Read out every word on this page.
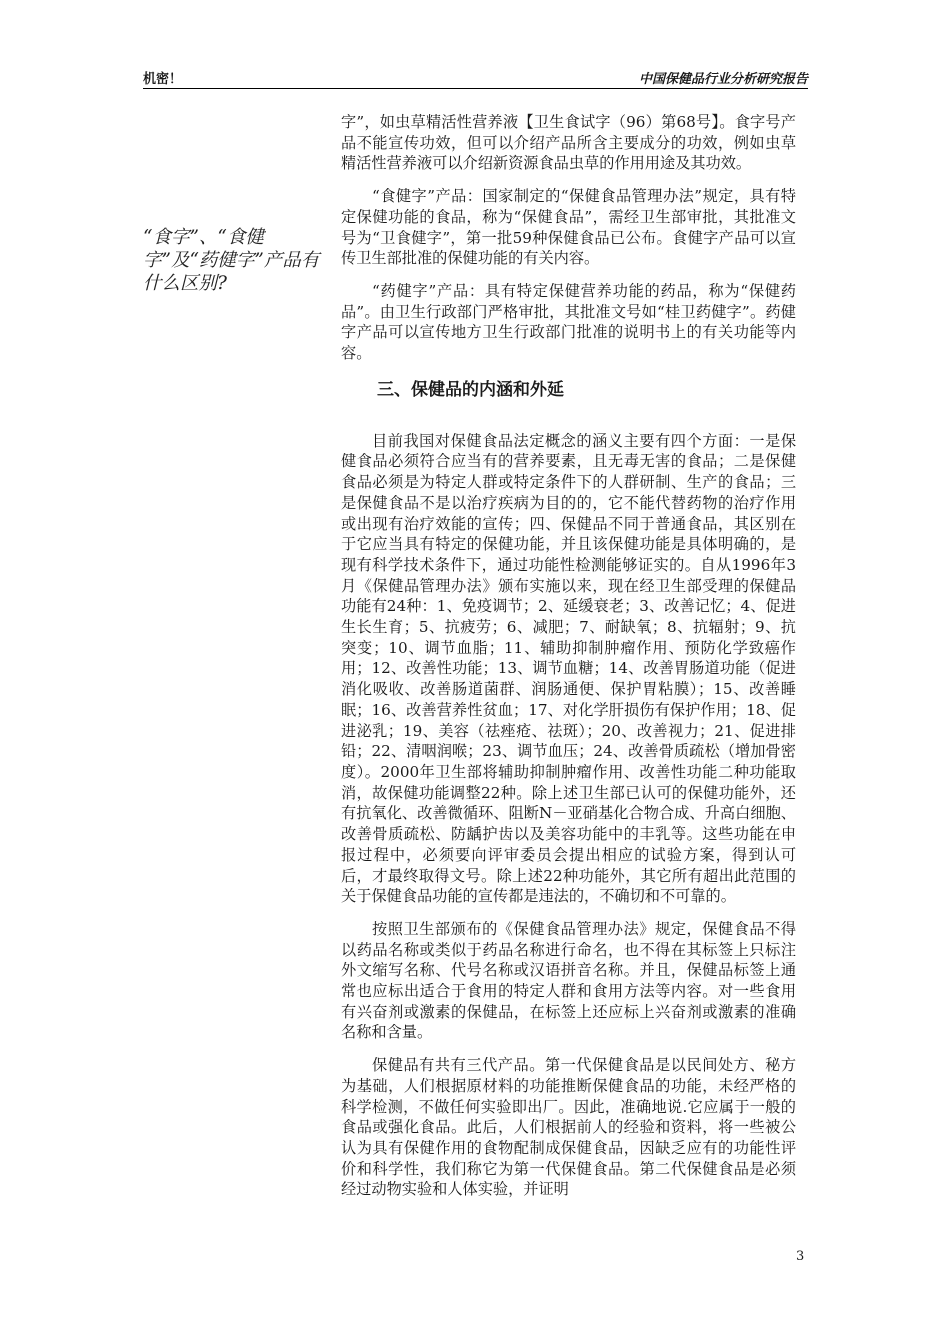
机密！	中国保健品行业分析研究报告
“食字”、“食健字”及“药健字”产品有什么区别?

字”，如虫草精活性营养液【卫生食试字（96）第68号】。食字号产品不能宣传功效，但可以介绍产品所含主要成分的功效，例如虫草精活性营养液可以介绍新资源食品虫草的作用用途及其功效。

“食健字”产品：国家制定的“保健食品管理办法”规定，具有特定保健功能的食品，称为“保健食品”，需经卫生部审批，其批准文号为“卫食健字”，第一批59种保健食品已公布。食健字产品可以宣传卫生部批准的保健功能的有关内容。

“药健字”产品：具有特定保健营养功能的药品，称为“保健药品”。由卫生行政部门严格审批，其批准文号如“桂卫药健字”。药健字产品可以宣传地方卫生行政部门批准的说明书上的有关功能等内容。

三、保健品的内涵和外延

目前我国对保健食品法定概念的涵义主要有四个方面：一是保健食品必须符合应当有的营养要素，且无毒无害的食品；二是保健食品必须是为特定人群或特定条件下的人群研制、生产的食品；三是保健食品不是以治疗疾病为目的的，它不能代替药物的治疗作用或出现有治疗效能的宣传；四、保健品不同于普通食品，其区别在于它应当具有特定的保健功能，并且该保健功能是具体明确的，是现有科学技术条件下，通过功能性检测能够证实的。自从1996年3月《保健品管理办法》颁布实施以来，现在经卫生部受理的保健品功能有24种：1、免疫调节；2、延缓衰老；3、改善记忆；4、促进生长生育；5、抗疲劳；6、减肥；7、耐缺氧；8、抗辐射；9、抗突变；10、调节血脂；11、辅助抑制肿瘤作用、预防化学致癌作用；12、改善性功能；13、调节血糖；14、改善胃肠道功能（促进消化吸收、改善肠道菌群、润肠通便、保护胃粘膜）；15、改善睡眠；16、改善营养性贫血；17、对化学肝损伤有保护作用；18、促进泌乳；19、美容（祛痤疮、祛斑）；20、改善视力；21、促进排铅；22、清咽润喉；23、调节血压；24、改善骨质疏松（增加骨密度）。2000年卫生部将辅助抑制肿瘤作用、改善性功能二种功能取消，故保健功能调整22种。除上述卫生部已认可的保健功能外，还有抗氧化、改善微循环、阻断N－亚硝基化合物合成、升高白细胞、改善骨质疏松、防龋护齿以及美容功能中的丰乳等。这些功能在申报过程中，必须要向评审委员会提出相应的试验方案，得到认可后，才最终取得文号。除上述22种功能外，其它所有超出此范围的关于保健食品功能的宣传都是违法的，不确切和不可靠的。

按照卫生部颁布的《保健食品管理办法》规定，保健食品不得以药品名称或类似于药品名称进行命名，也不得在其标签上只标注外文缩写名称、代号名称或汉语拼音名称。并且，保健品标签上通常也应标出适合于食用的特定人群和食用方法等内容。对一些食用有兴奋剂或激素的保健品，在标签上还应标上兴奋剂或激素的准确名称和含量。

保健品有共有三代产品。第一代保健食品是以民间处方、秘方为基础，人们根据原材料的功能推断保健食品的功能，未经严格的科学检测，不做任何实验即出厂。因此，准确地说.它应属于一般的食品或强化食品。此后，人们根据前人的经验和资料，将一些被公认为具有保健作用的食物配制成保健食品，因缺乏应有的功能性评价和科学性，我们称它为第一代保健食品。第二代保健食品是必须经过动物实验和人体实验，并证明

3
